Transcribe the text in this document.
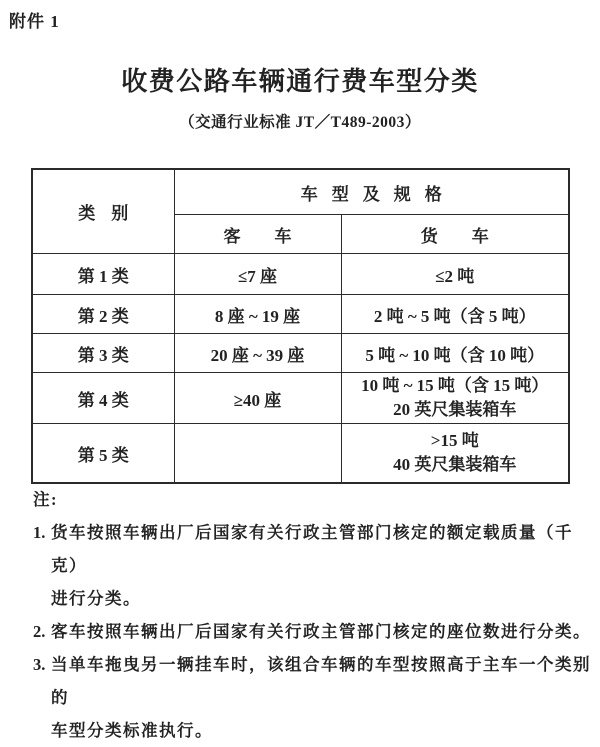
附件 1
收费公路车辆通行费车型分类
（交通行业标准 JT／T489-2003）
类别	车型及规格	
	客车	货车
第 1 类	≤7 座	≤2 吨
第 2 类	8 座 ~ 19 座	2 吨 ~ 5 吨（含 5 吨）
第 3 类	20 座 ~ 39 座	5 吨 ~ 10 吨（含 10 吨）
第 4 类	≥40 座	10 吨 ~ 15 吨（含 15 吨）
20 英尺集装箱车

第 5 类		>15 吨
40 英尺集装箱车
注:
1. 货车按照车辆出厂后国家有关行政主管部门核定的额定载质量（千克）
进行分类。
2. 客车按照车辆出厂后国家有关行政主管部门核定的座位数进行分类。
3. 当单车拖曳另一辆挂车时，该组合车辆的车型按照高于主车一个类别的
车型分类标准执行。
